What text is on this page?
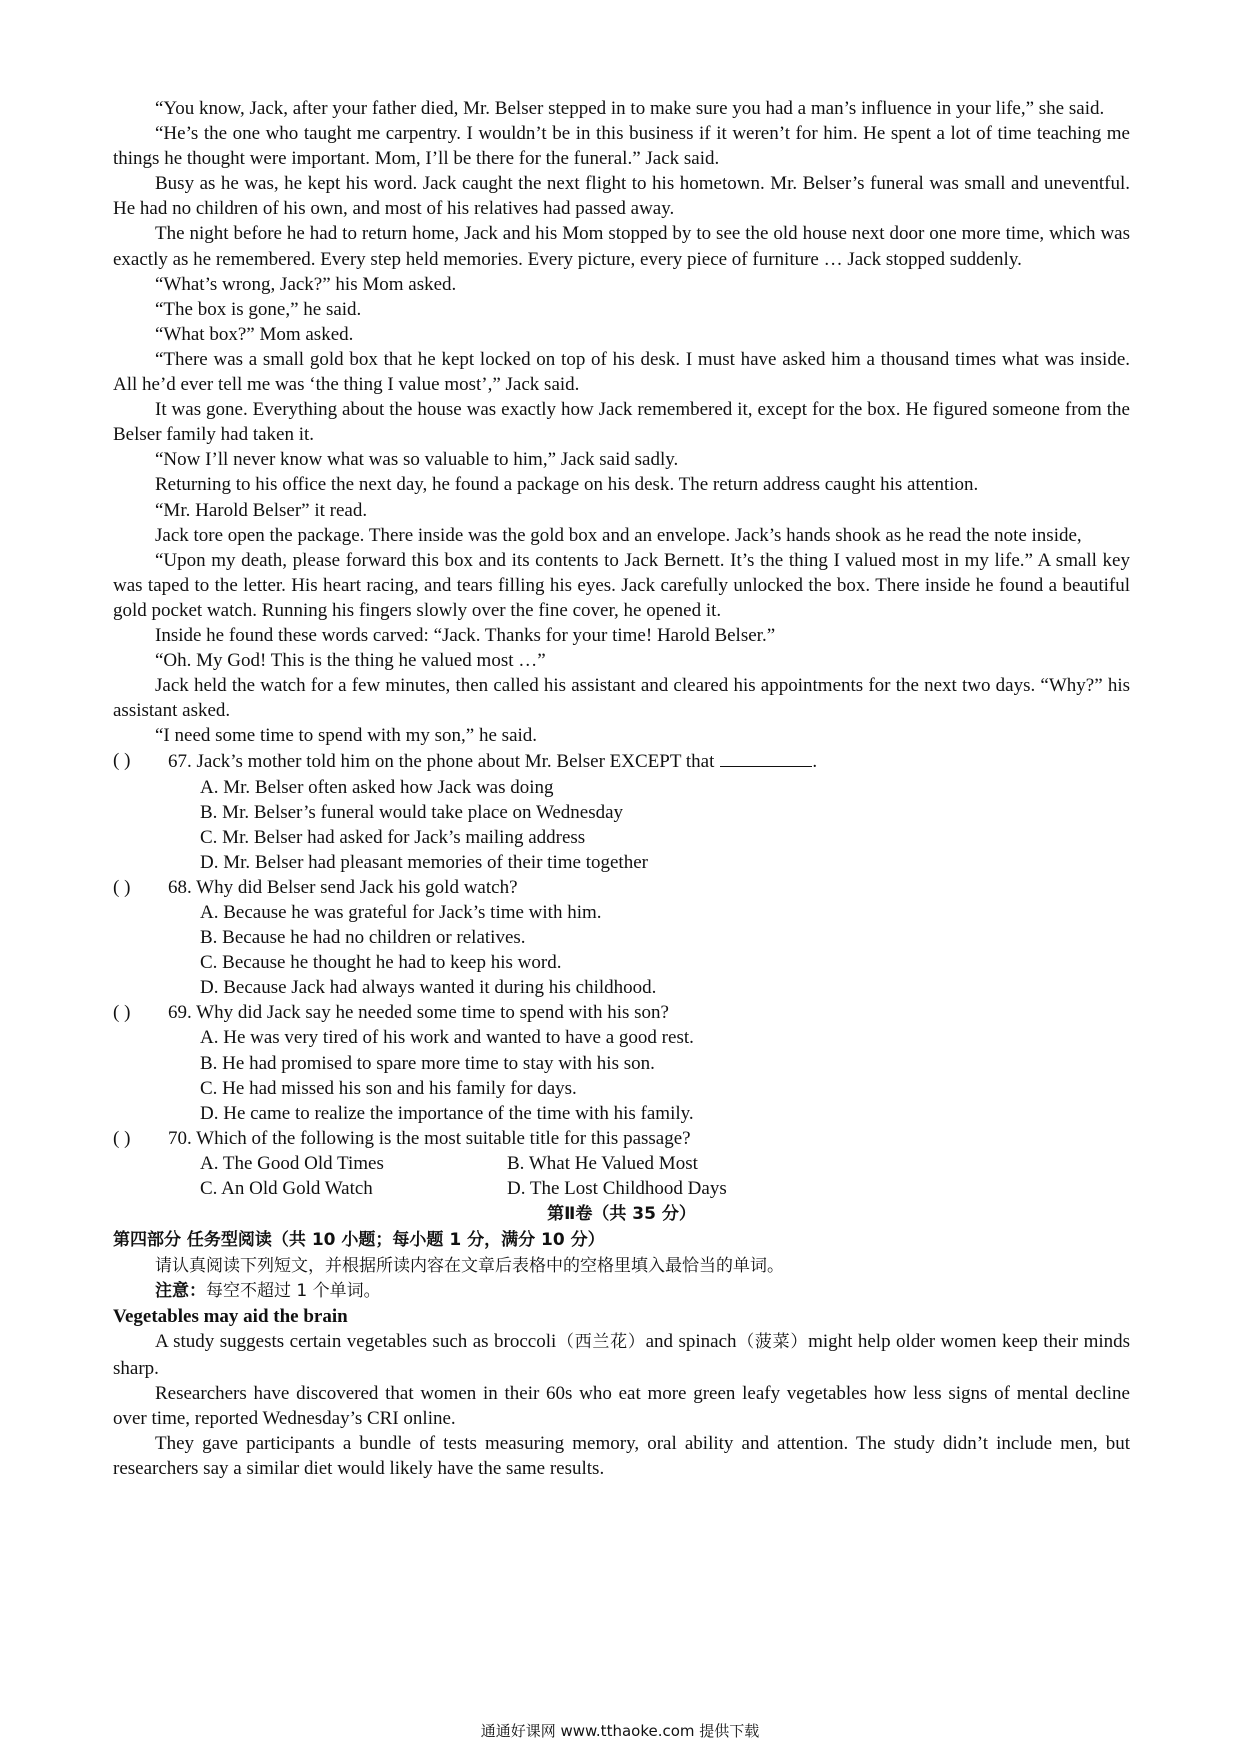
“You know, Jack, after your father died, Mr. Belser stepped in to make sure you had a man’s influence in your life,” she said.

“He’s the one who taught me carpentry. I wouldn’t be in this business if it weren’t for him. He spent a lot of time teaching me things he thought were important. Mom, I’ll be there for the funeral.” Jack said.

Busy as he was, he kept his word. Jack caught the next flight to his hometown. Mr. Belser’s funeral was small and uneventful. He had no children of his own, and most of his relatives had passed away.

The night before he had to return home, Jack and his Mom stopped by to see the old house next door one more time, which was exactly as he remembered. Every step held memories. Every picture, every piece of furniture … Jack stopped suddenly.

“What’s wrong, Jack?” his Mom asked.

“The box is gone,” he said.

“What box?” Mom asked.

“There was a small gold box that he kept locked on top of his desk. I must have asked him a thousand times what was inside. All he’d ever tell me was ‘the thing I value most’,” Jack said.

It was gone. Everything about the house was exactly how Jack remembered it, except for the box. He figured someone from the Belser family had taken it.

“Now I’ll never know what was so valuable to him,” Jack said sadly.

Returning to his office the next day, he found a package on his desk. The return address caught his attention.

“Mr. Harold Belser” it read.

Jack tore open the package. There inside was the gold box and an envelope. Jack’s hands shook as he read the note inside,

“Upon my death, please forward this box and its contents to Jack Bernett. It’s the thing I valued most in my life.” A small key was taped to the letter. His heart racing, and tears filling his eyes. Jack carefully unlocked the box. There inside he found a beautiful gold pocket watch. Running his fingers slowly over the fine cover, he opened it.

Inside he found these words carved: “Jack. Thanks for your time! Harold Belser.”

“Oh. My God! This is the thing he valued most …”

Jack held the watch for a few minutes, then called his assistant and cleared his appointments for the next two days. “Why?” his assistant asked.

“I need some time to spend with my son,” he said.

( ) 67. Jack’s mother told him on the phone about Mr. Belser EXCEPT that	.
A. Mr. Belser often asked how Jack was doing
B. Mr. Belser’s funeral would take place on Wednesday
C. Mr. Belser had asked for Jack’s mailing address
D. Mr. Belser had pleasant memories of their time together
( ) 68. Why did Belser send Jack his gold watch?
A. Because he was grateful for Jack’s time with him.
B. Because he had no children or relatives.
C. Because he thought he had to keep his word.
D. Because Jack had always wanted it during his childhood.
( ) 69. Why did Jack say he needed some time to spend with his son?
A. He was very tired of his work and wanted to have a good rest.
B. He had promised to spare more time to stay with his son.
C. He had missed his son and his family for days.
D. He came to realize the importance of the time with his family.
( ) 70. Which of the following is the most suitable title for this passage?
A. The Good Old Times	B. What He Valued Most
C. An Old Gold Watch	D. The Lost Childhood Days
第Ⅱ卷（共 35 分）
第四部分 任务型阅读（共 10 小题；每小题 1 分，满分 10 分）

请认真阅读下列短文，并根据所读内容在文章后表格中的空格里填入最恰当的单词。

注意：每空不超过 1 个单词。

Vegetables may aid the brain

A study suggests certain vegetables such as broccoli（西兰花）and spinach（菠菜）might help older women keep their minds sharp.

Researchers have discovered that women in their 60s who eat more green leafy vegetables how less signs of mental decline over time, reported Wednesday’s CRI online.

They gave participants a bundle of tests measuring memory, oral ability and attention. The study didn’t include men, but researchers say a similar diet would likely have the same results.

通通好课网 www.tthaoke.com 提供下载
